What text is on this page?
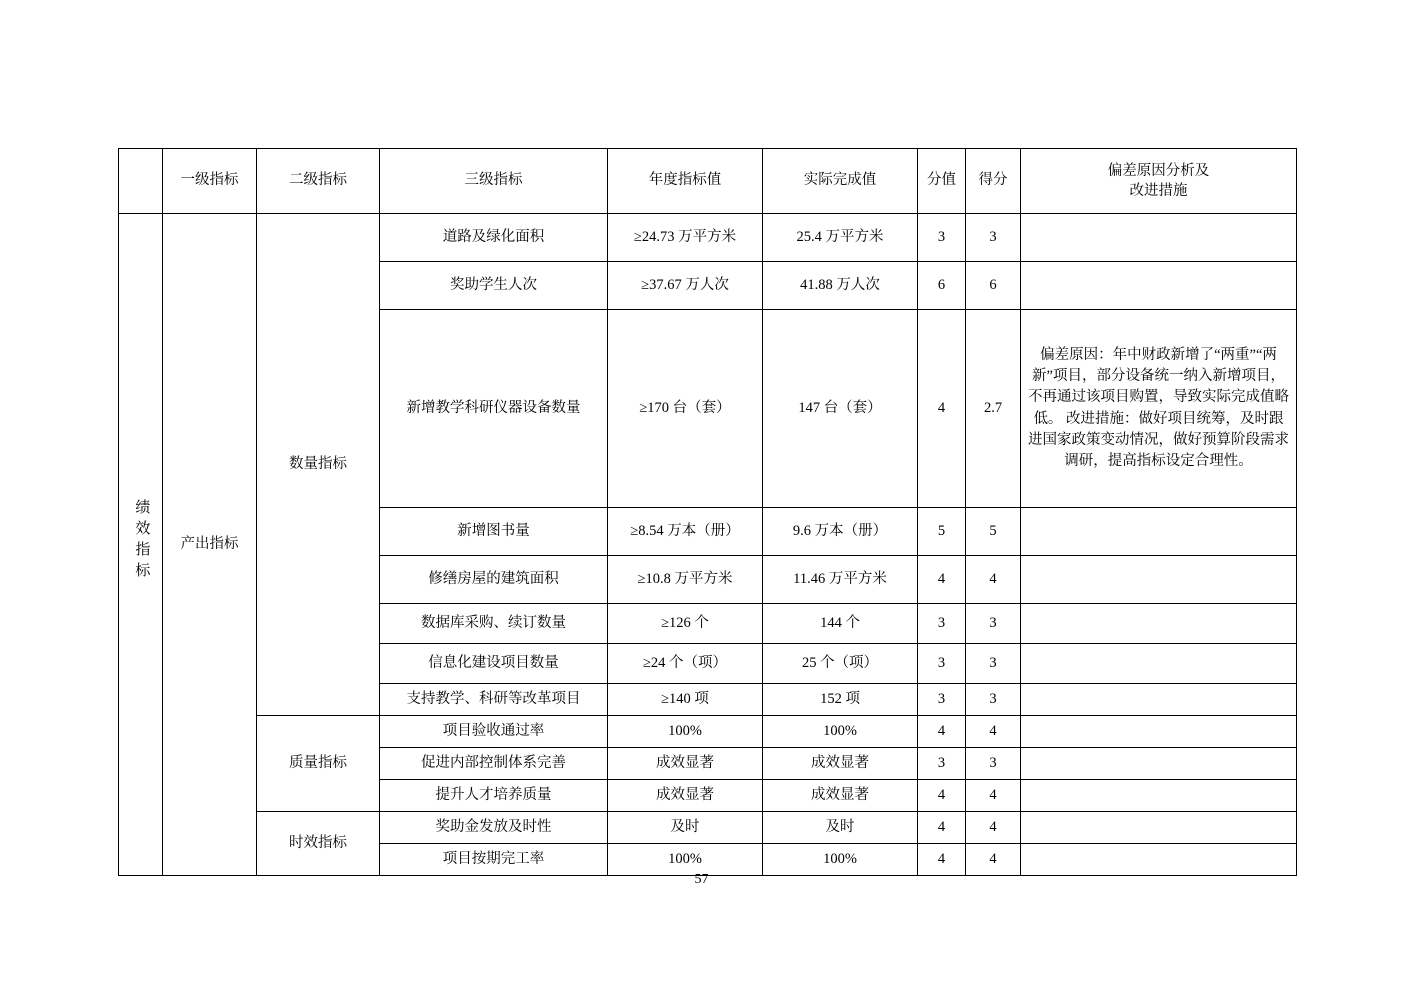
	一级指标	二级指标	三级指标	年度指标值	实际完成值	分值	得分	偏差原因分析及
改进措施

绩效指标	产出指标	数量指标	道路及绿化面积	≥24.73 万平方米	25.4 万平方米	3	3	
			奖助学生人次	≥37.67 万人次	41.88 万人次	6	6	
			新增教学科研仪器设备数量	≥170 台（套）	147 台（套）	4	2.7	偏差原因：年中财政新增了“两重”“两新”项目，部分设备统一纳入新增项目，不再通过该项目购置，导致实际完成值略低。 改进措施：做好项目统筹，及时跟进国家政策变动情况，做好预算阶段需求调研，提高指标设定合理性。
			新增图书量	≥8.54 万本（册）	9.6 万本（册）	5	5	
			修缮房屋的建筑面积	≥10.8 万平方米	11.46 万平方米	4	4	
			数据库采购、续订数量	≥126 个	144 个	3	3	
			信息化建设项目数量	≥24 个（项）	25 个（项）	3	3	
			支持教学、科研等改革项目	≥140 项	152 项	3	3	
		质量指标	项目验收通过率	100%	100%	4	4	
			促进内部控制体系完善	成效显著	成效显著	3	3	
			提升人才培养质量	成效显著	成效显著	4	4	
		时效指标	奖助金发放及时性	及时	及时	4	4	
			项目按期完工率	100%	100%	4	4	
57
